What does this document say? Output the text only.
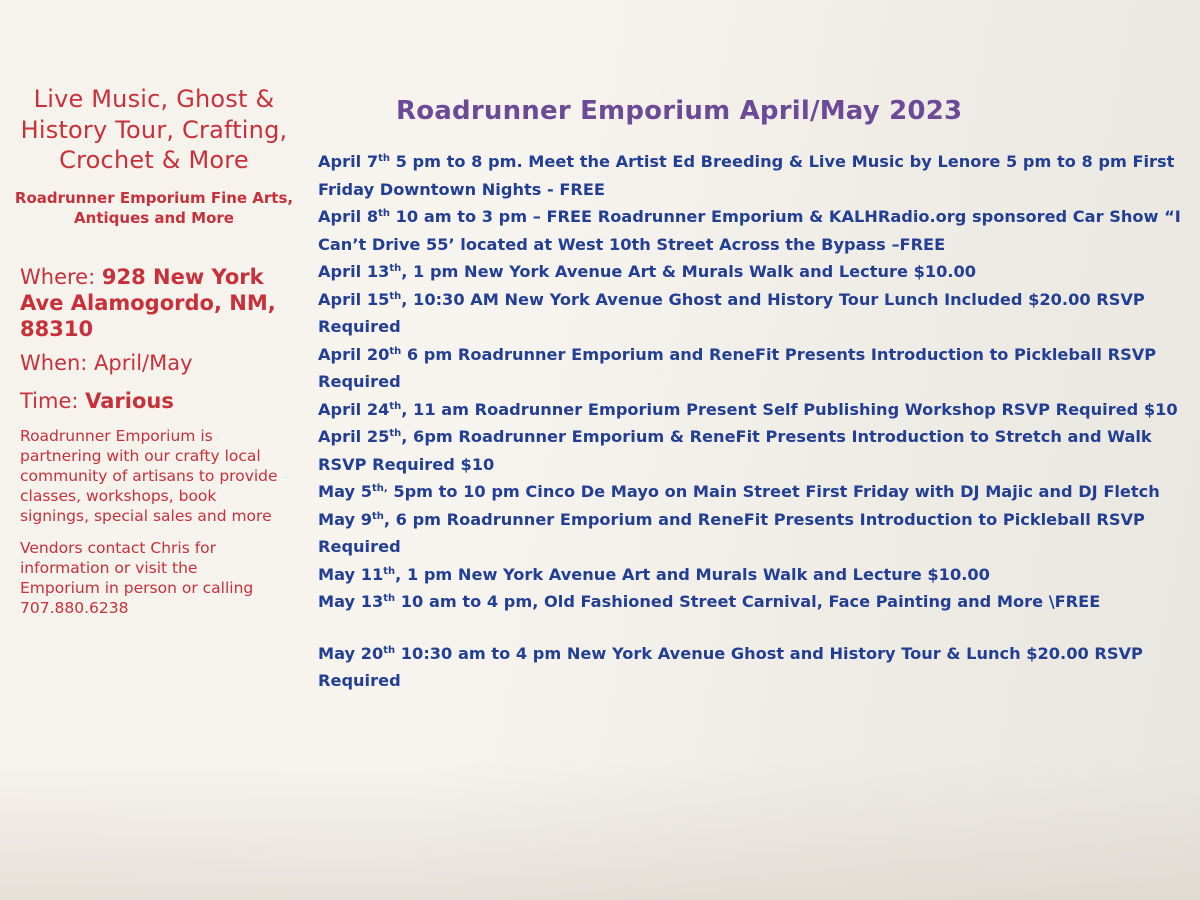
Live Music, Ghost & History Tour, Crafting, Crochet & More
Roadrunner Emporium Fine Arts, Antiques and More
Where: 928 New York Ave Alamogordo, NM, 88310
When: April/May
Time: Various
Roadrunner Emporium is partnering with our crafty local community of artisans to provide classes, workshops, book signings, special sales and more
Vendors contact Chris for information or visit the Emporium in person or calling 707.880.6238
Roadrunner Emporium April/May 2023
April 7th 5 pm to 8 pm. Meet the Artist Ed Breeding & Live Music by Lenore 5 pm to 8 pm First Friday Downtown Nights - FREE
April 8th 10 am to 3 pm – FREE Roadrunner Emporium & KALHRadio.org sponsored Car Show “I Can’t Drive 55’ located at West 10th Street Across the Bypass –FREE
April 13th, 1 pm New York Avenue Art & Murals Walk and Lecture $10.00
April 15th, 10:30 AM New York Avenue Ghost and History Tour Lunch Included $20.00 RSVP Required
April 20th 6 pm Roadrunner Emporium and ReneFit Presents Introduction to Pickleball RSVP Required
April 24th, 11 am Roadrunner Emporium Present Self Publishing Workshop RSVP Required $10
April 25th, 6pm Roadrunner Emporium & ReneFit Presents Introduction to Stretch and Walk RSVP Required $10
May $5^{th,}$ 5pm to 10 pm Cinco De Mayo on Main Street First Friday with DJ Majic and DJ Fletch
May 9th, 6 pm Roadrunner Emporium and ReneFit Presents Introduction to Pickleball RSVP Required
May 11th, 1 pm New York Avenue Art and Murals Walk and Lecture $10.00
May 13th 10 am to 4 pm, Old Fashioned Street Carnival, Face Painting and More \FREE
May 20th 10:30 am to 4 pm New York Avenue Ghost and History Tour & Lunch $20.00 RSVP Required
